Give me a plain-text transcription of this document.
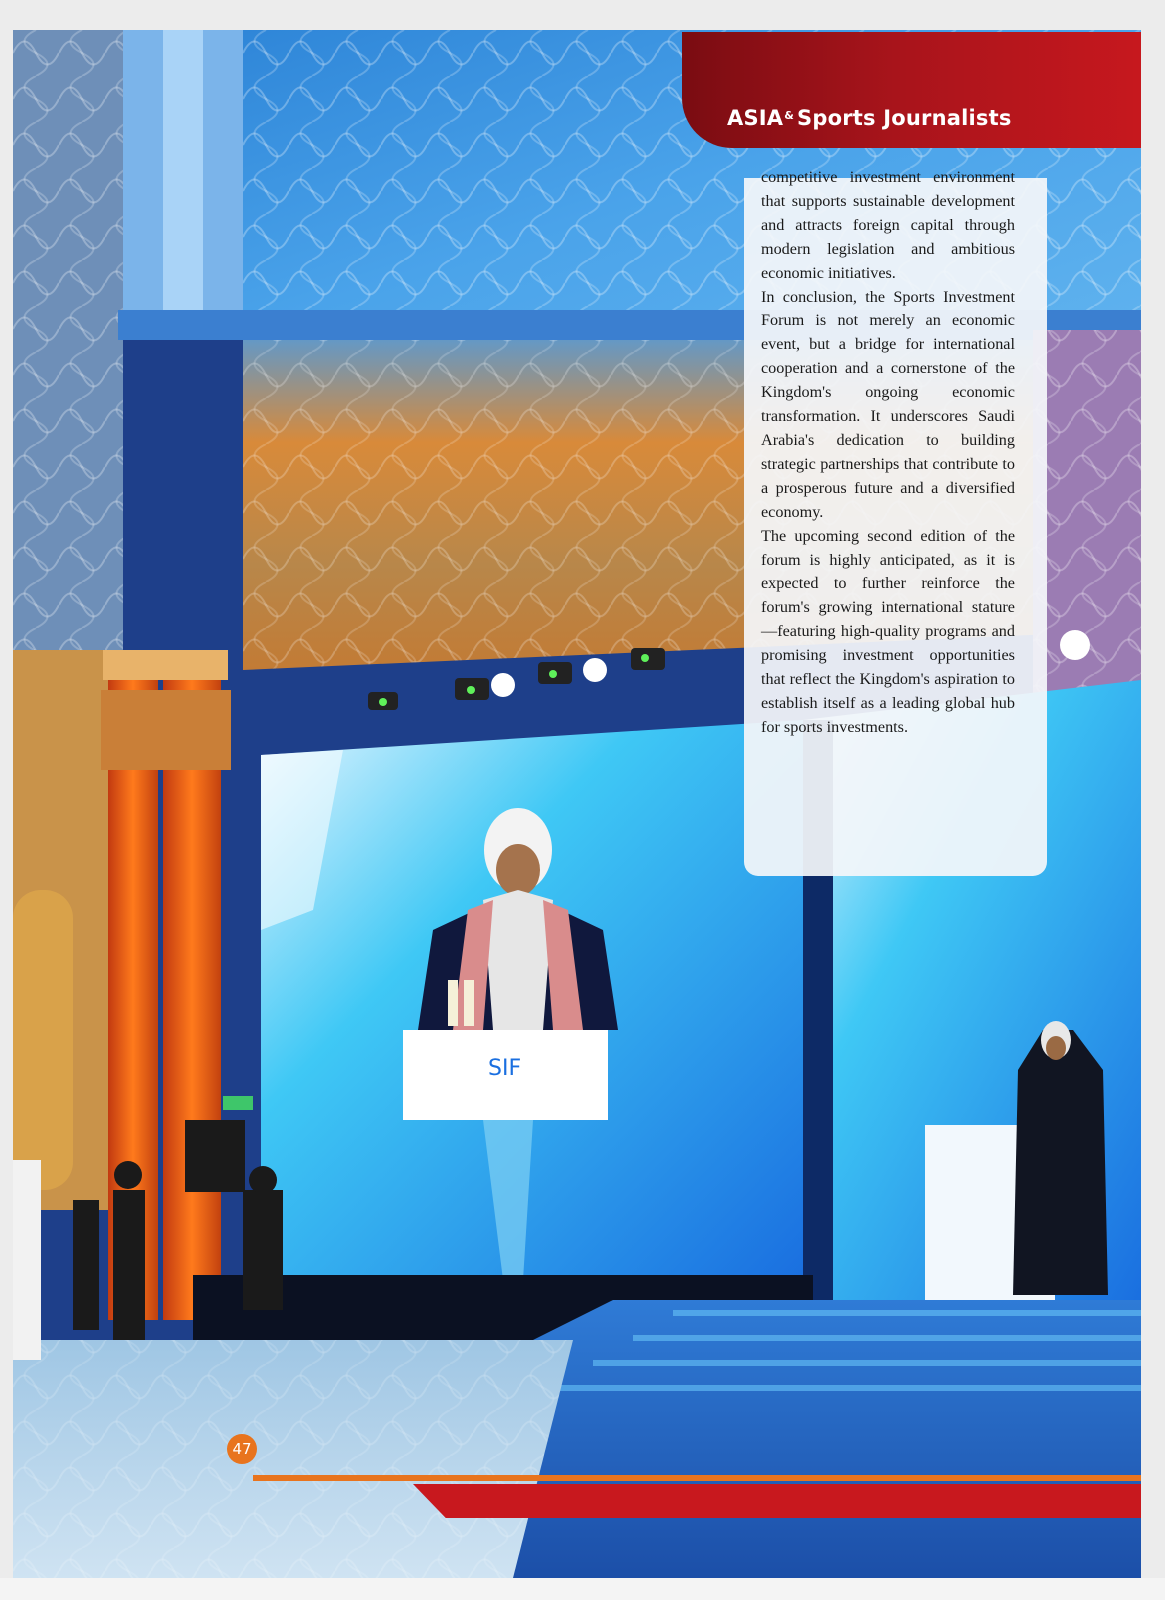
SIF
ASIA& Sports Journalists

competitive investment environment that supports sustainable development and attracts foreign capital through modern legislation and ambitious economic initiatives.

In conclusion, the Sports Investment Forum is not merely an economic event, but a bridge for international cooperation and a cornerstone of the Kingdom's ongoing economic transformation. It underscores Saudi Arabia's dedication to building strategic partnerships that contribute to a prosperous future and a diversified economy.

The upcoming second edition of the forum is highly anticipated, as it is expected to further reinforce the forum's growing international stature—featuring high-quality programs and promising investment opportunities that reflect the Kingdom's aspiration to establish itself as a leading global hub for sports investments.

47
